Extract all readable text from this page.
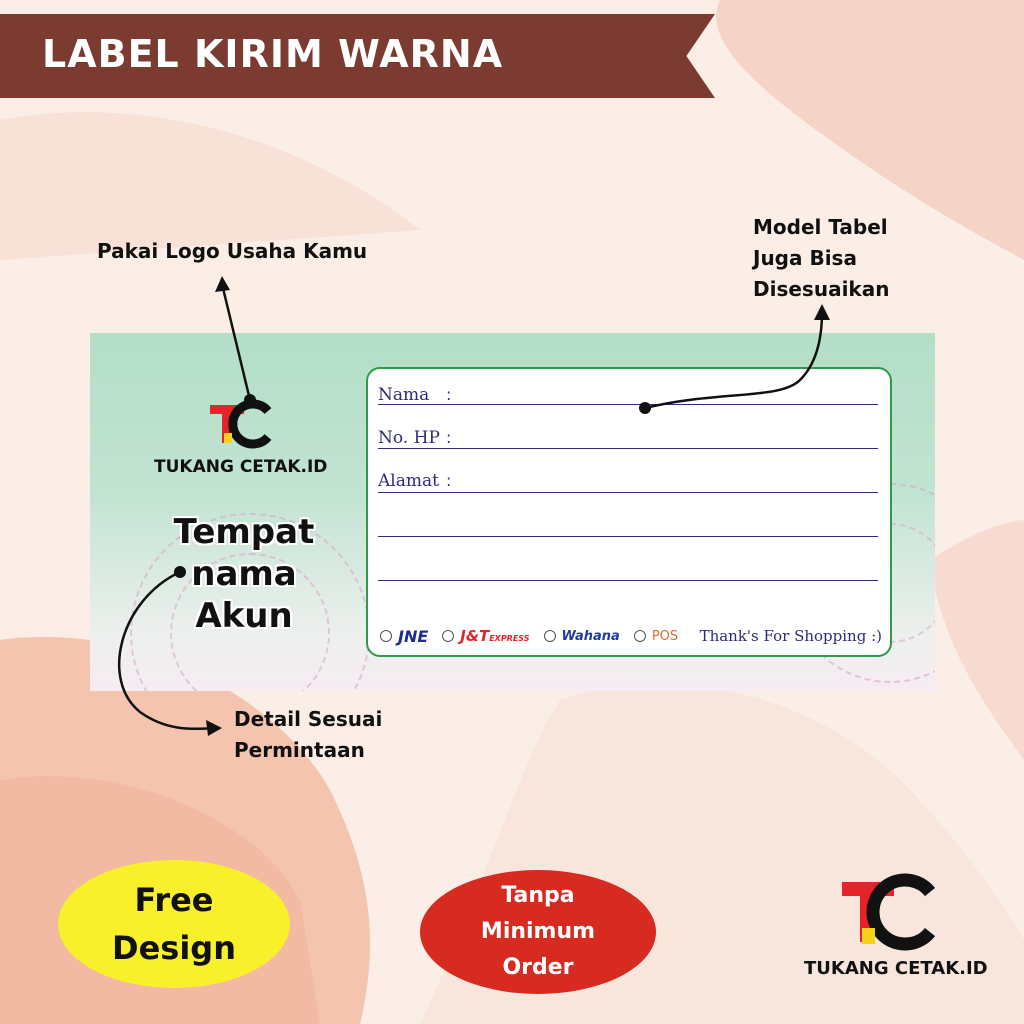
LABEL KIRIM WARNA
Pakai Logo Usaha Kamu
Model Tabel
Juga Bisa
Disesuaikan
Detail Sesuai
Permintaan
TUKANG CETAK.ID
Tempat
nama
Akun
Nama :
No. HP :
Alamat :
JNE J&TEXPRESS Wahana POS Thank's For Shopping :)
Free
Design
Tanpa
Minimum
Order	TUKANG CETAK.ID
